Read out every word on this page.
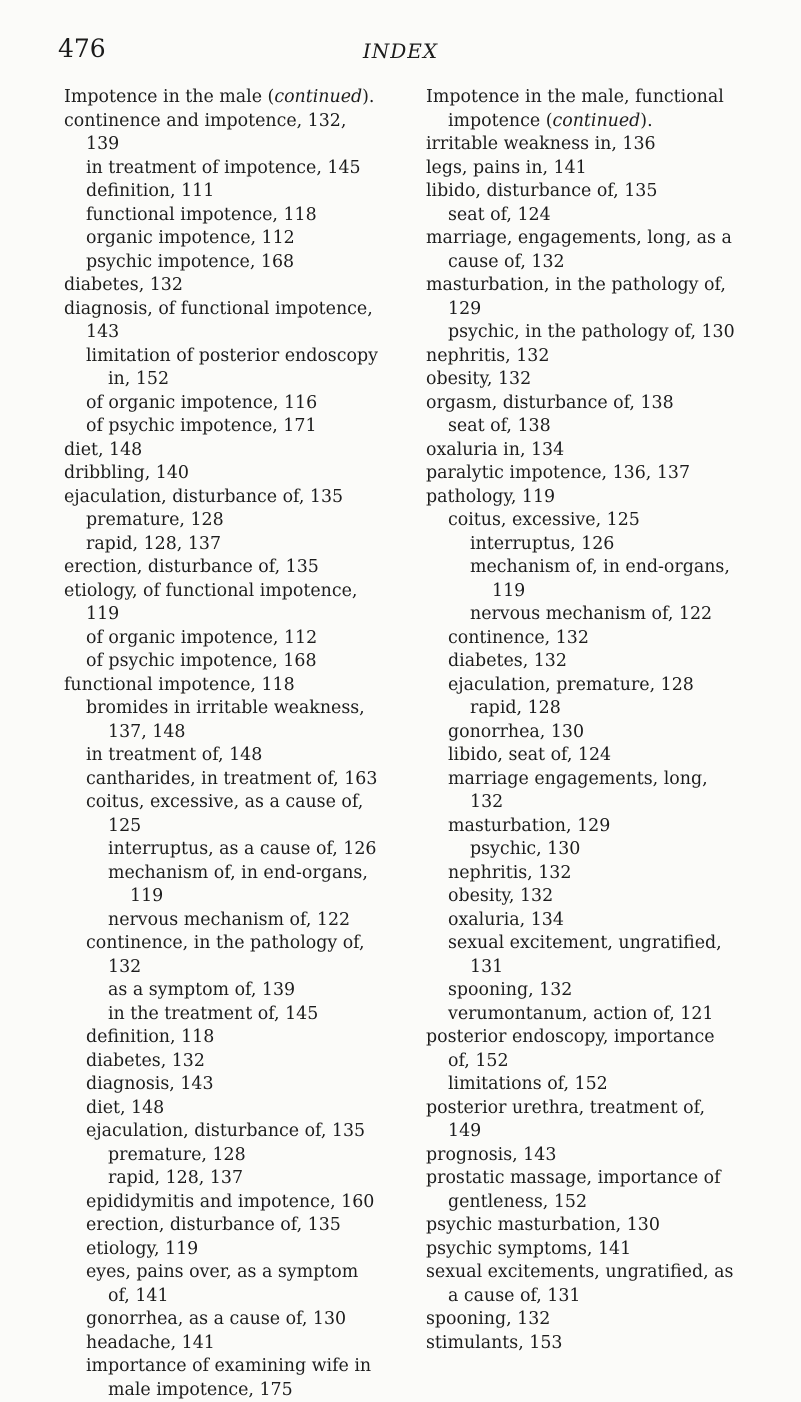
476	INDEX
Impotence in the male (continued).
continence and impotence, 132, 139
in treatment of impotence, 145
definition, 111
functional impotence, 118
organic impotence, 112
psychic impotence, 168
diabetes, 132
diagnosis, of functional impotence, 143
limitation of posterior endoscopy in, 152
of organic impotence, 116
of psychic impotence, 171
diet, 148
dribbling, 140
ejaculation, disturbance of, 135
premature, 128
rapid, 128, 137
erection, disturbance of, 135
etiology, of functional impotence, 119
of organic impotence, 112
of psychic impotence, 168
functional impotence, 118
bromides in irritable weakness, 137, 148
in treatment of, 148
cantharides, in treatment of, 163
coitus, excessive, as a cause of, 125
interruptus, as a cause of, 126
mechanism of, in end-organs, 119
nervous mechanism of, 122
continence, in the pathology of, 132
as a symptom of, 139
in the treatment of, 145
definition, 118
diabetes, 132
diagnosis, 143
diet, 148
ejaculation, disturbance of, 135
premature, 128
rapid, 128, 137
epididymitis and impotence, 160
erection, disturbance of, 135
etiology, 119
eyes, pains over, as a symptom of, 141
gonorrhea, as a cause of, 130
headache, 141
importance of examining wife in male impotence, 175
Impotence in the male, functional impotence (continued).
irritable weakness in, 136
legs, pains in, 141
libido, disturbance of, 135
seat of, 124
marriage, engagements, long, as a cause of, 132
masturbation, in the pathology of, 129
psychic, in the pathology of, 130
nephritis, 132
obesity, 132
orgasm, disturbance of, 138
seat of, 138
oxaluria in, 134
paralytic impotence, 136, 137
pathology, 119
coitus, excessive, 125
interruptus, 126
mechanism of, in end-organs, 119
nervous mechanism of, 122
continence, 132
diabetes, 132
ejaculation, premature, 128
rapid, 128
gonorrhea, 130
libido, seat of, 124
marriage engagements, long, 132
masturbation, 129
psychic, 130
nephritis, 132
obesity, 132
oxaluria, 134
sexual excitement, ungratified, 131
spooning, 132
verumontanum, action of, 121
posterior endoscopy, importance of, 152
limitations of, 152
posterior urethra, treatment of, 149
prognosis, 143
prostatic massage, importance of gentleness, 152
psychic masturbation, 130
psychic symptoms, 141
sexual excitements, ungratified, as a cause of, 131
spooning, 132
stimulants, 153
